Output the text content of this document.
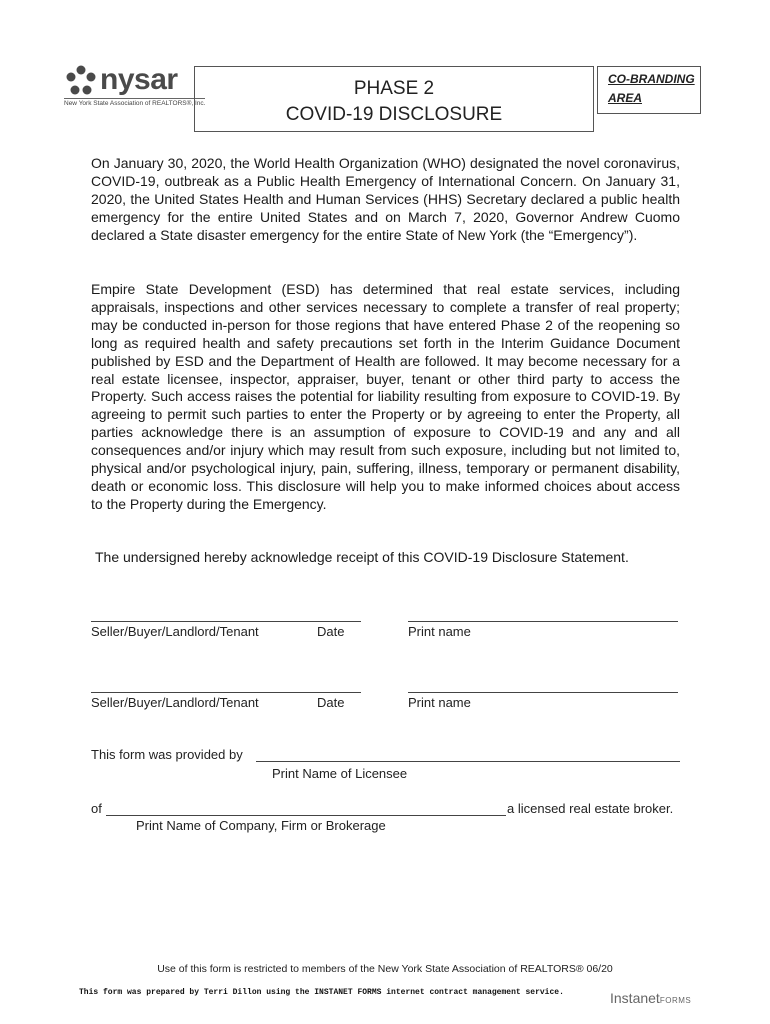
nysar
New York State Association of REALTORS®, Inc.
PHASE 2
COVID-19 DISCLOSURE
CO-BRANDING
AREA
On January 30, 2020, the World Health Organization (WHO) designated the novel coronavirus, COVID-19, outbreak as a Public Health Emergency of International Concern. On January 31, 2020, the United States Health and Human Services (HHS) Secretary declared a public health emergency for the entire United States and on March 7, 2020, Governor Andrew Cuomo declared a State disaster emergency for the entire State of New York (the “Emergency”).
Empire State Development (ESD) has determined that real estate services, including appraisals, inspections and other services necessary to complete a transfer of real property; may be conducted in-person for those regions that have entered Phase 2 of the reopening so long as required health and safety precautions set forth in the Interim Guidance Document published by ESD and the Department of Health are followed. It may become necessary for a real estate licensee, inspector, appraiser, buyer, tenant or other third party to access the Property. Such access raises the potential for liability resulting from exposure to COVID-19. By agreeing to permit such parties to enter the Property or by agreeing to enter the Property, all parties acknowledge there is an assumption of exposure to COVID-19 and any and all consequences and/or injury which may result from such exposure, including but not limited to, physical and/or psychological injury, pain, suffering, illness, temporary or permanent disability, death or economic loss. This disclosure will help you to make informed choices about access to the Property during the Emergency.
The undersigned hereby acknowledge receipt of this COVID-19 Disclosure Statement.
Seller/Buyer/Landlord/Tenant	Date	Print name
Seller/Buyer/Landlord/Tenant	Date	Print name
This form was provided by
Print Name of Licensee
of	a licensed real estate broker.
Print Name of Company, Firm or Brokerage
Use of this form is restricted to members of the New York State Association of REALTORS® 06/20
This form was prepared by Terri Dillon using the INSTANET FORMS internet contract management service.	InstanetFORMS
